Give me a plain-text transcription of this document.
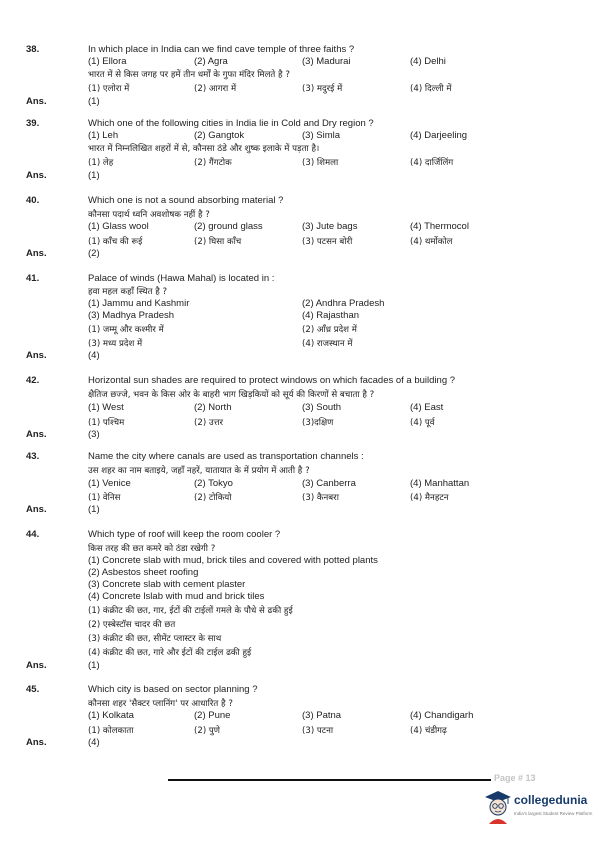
38.	In which place in India can we find cave temple of three faiths ?
(1) Ellora	(2) Agra	(3) Madurai	(4) Delhi
भारत में से किस जगह पर हमें तीन धर्मों के गुफा मंदिर मिलते है ?
(1) एलोरा में	(2) आगरा में	(3) मदुरई में	(4) दिल्ली में
Ans.	(1)
39.	Which one of the following cities in India lie in Cold and Dry region ?
(1) Leh	(2) Gangtok	(3) Simla	(4) Darjeeling
भारत में निम्नलिखित शहरों में से, कौनसा ठंडे और शुष्क इलाके में पड़ता है।
(1) लेह	(2) गैंगटोक	(3) शिमला	(4) दार्जिलिंग
Ans.	(1)
40.	Which one is not a sound absorbing material ?
कौनसा पदार्थ ध्वनि अवशोषक नहीं है ?
(1) Glass wool	(2) ground glass	(3) Jute bags	(4) Thermocol
(1) काँच की रूई	(2) घिसा काँच	(3) पटसन बोरी	(4) थर्मोकोल
Ans.	(2)
41.	Palace of winds (Hawa Mahal) is located in :
हवा महल कहाँ स्थित है ?
(1) Jammu and Kashmir	(2) Andhra Pradesh
(3) Madhya Pradesh	(4) Rajasthan
(1) जम्मू और कश्मीर में	(2) आँध्र प्रदेश में
(3) मध्य प्रदेश में	(4) राजस्थान में
Ans.	(4)
42.	Horizontal sun shades are required to protect windows on which facades of a building ?
क्षैतिज छज्जे, भवन के किस ओर के बाहरी भाग खिड़कियों को सूर्य की किरणों से बचाता है ?
(1) West	(2) North	(3) South	(4) East
(1) पश्चिम	(2) उत्तर	(3)दक्षिण	(4) पूर्व
Ans.	(3)
43.	Name the city where canals are used as transportation channels :
उस शहर का नाम बताइये, जहाँ नहरें, यातायात के में प्रयोग में आती है ?
(1) Venice	(2) Tokyo	(3) Canberra	(4) Manhattan
(1) वेनिस	(2) टोकियो	(3) कैनबरा	(4) मैनहटन
Ans.	(1)
44.	Which type of roof will keep the room cooler ?
किस तरह की छत कमरे को ठंडा रखेगी ?
(1) Concrete slab with mud, brick tiles and covered with potted plants
(2) Asbestos sheet roofing
(3) Concrete slab with cement plaster
(4) Concrete lslab with mud and brick tiles
(1) कंक्रीट की छत, गार, ईटों की टाईलों गमले के पौधे से ढकी हुई
(2) एस्बेस्टॉस चादर की छत
(3) कंक्रीट की छत, सीमेंट प्लास्टर के साथ
(4) कंक्रीट की छत, गारे और ईटों की टाईल ढकी हुई
Ans.	(1)
45.	Which city is based on sector planning ?
कौनसा शहर 'सैक्टर प्लानिंग' पर आधारित है ?
(1) Kolkata	(2) Pune	(3) Patna	(4) Chandigarh
(1) कोलकाता	(2) पुणे	(3) पटना	(4) चंडीगढ़
Ans.	(4)
Page # 13
collegedunia
India's largest Student Review Platform
